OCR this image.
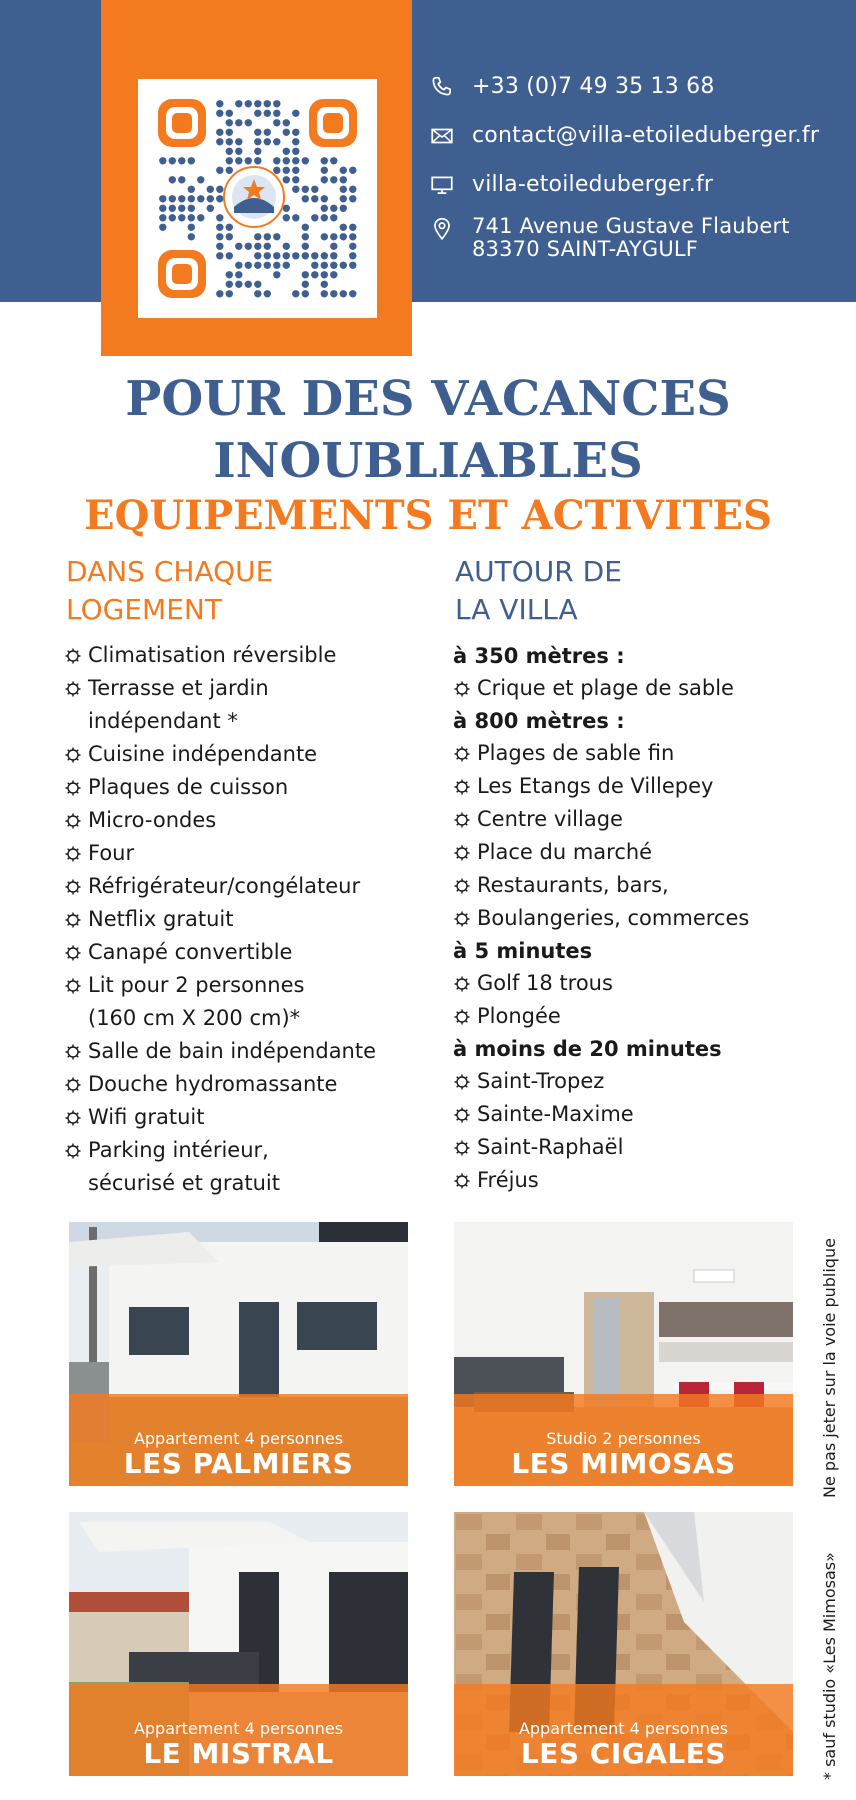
+33 (0)7 49 35 13 68
contact@villa-etoileduberger.fr
villa-etoileduberger.fr
741 Avenue Gustave Flaubert
83370 SAINT-AYGULF
POUR DES VACANCES
INOUBLIABLES
EQUIPEMENTS ET ACTIVITES
DANS CHAQUE
LOGEMENT
AUTOUR DE
LA VILLA
Climatisation réversible
Terrasse et jardin
indépendant *
Cuisine indépendante
Plaques de cuisson
Micro-ondes
Four
Réfrigérateur/congélateur
Netflix gratuit
Canapé convertible
Lit pour 2 personnes
(160 cm X 200 cm)*
Salle de bain indépendante
Douche hydromassante
Wifi gratuit
Parking intérieur,
sécurisé et gratuit
à 350 mètres :
Crique et plage de sable
à 800 mètres :
Plages de sable fin
Les Etangs de Villepey
Centre village
Place du marché
Restaurants, bars,
Boulangeries, commerces
à 5 minutes
Golf 18 trous
Plongée
à moins de 20 minutes
Saint-Tropez
Sainte-Maxime
Saint-Raphaël
Fréjus
Appartement 4 personnes
LES PALMIERS
Studio 2 personnes
LES MIMOSAS
Appartement 4 personnes
LE MISTRAL
Appartement 4 personnes
LES CIGALES
Ne pas jeter sur la voie publique
* sauf studio «Les Mimosas»
